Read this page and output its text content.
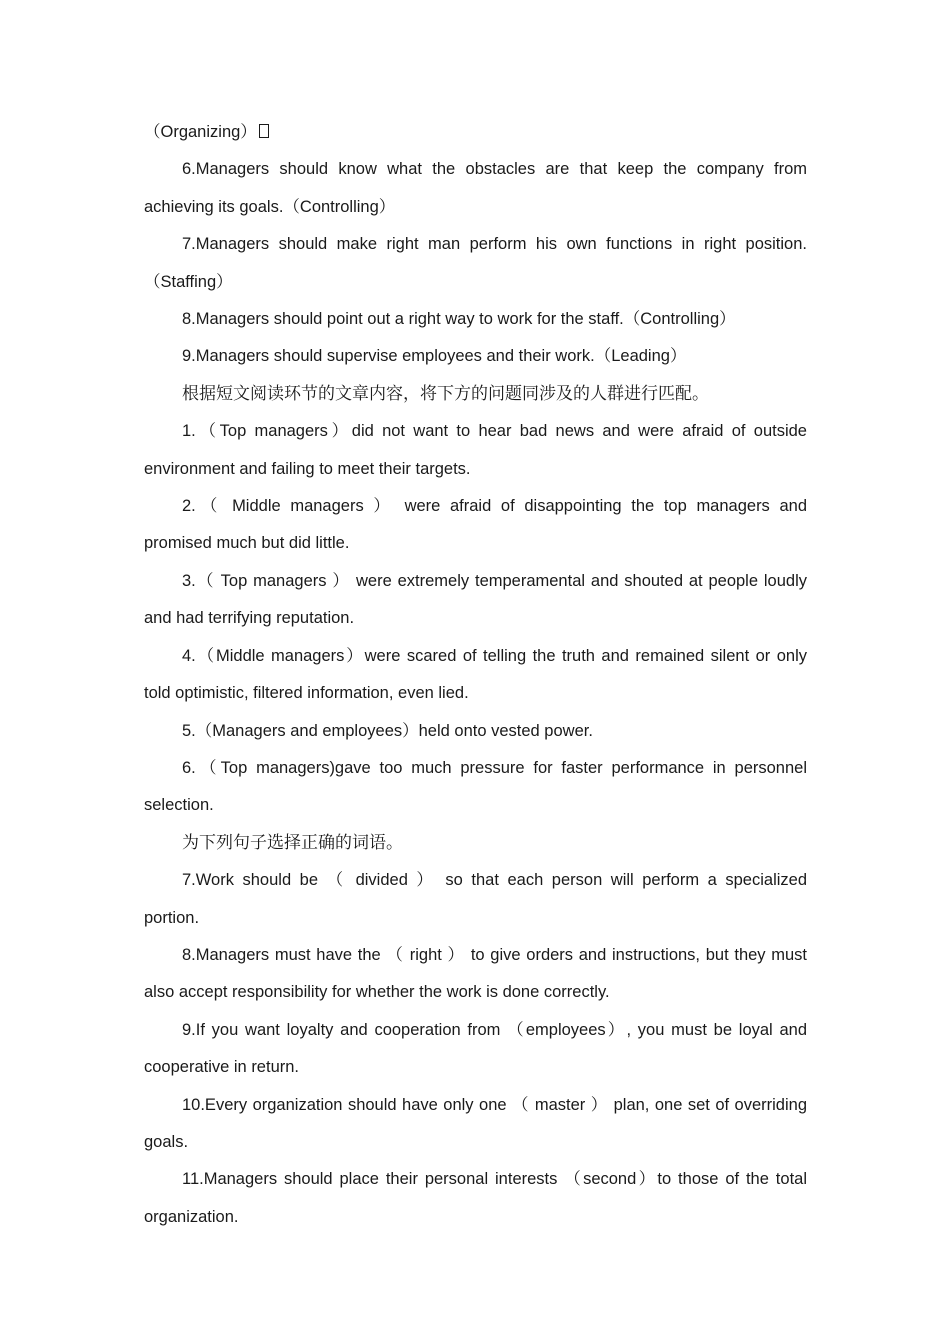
（Organizing）

6.Managers should know what the obstacles are that keep the company from achieving its goals.（Controlling）

7.Managers should make right man perform his own functions in right position.（Staffing）

8.Managers should point out a right way to work for the staff.（Controlling）

9.Managers should supervise employees and their work.（Leading）

根据短文阅读环节的文章内容，将下方的问题同涉及的人群进行匹配。

1.（Top managers）did not want to hear bad news and were afraid of outside environment and failing to meet their targets.

2.（ Middle managers ） were afraid of disappointing the top managers and promised much but did little.

3.（ Top managers ） were extremely temperamental and shouted at people loudly and had terrifying reputation.

4.（Middle managers）were scared of telling the truth and remained silent or only told optimistic, filtered information, even lied.

5.（Managers and employees）held onto vested power.

6.（Top managers)gave too much pressure for faster performance in personnel selection.

为下列句子选择正确的词语。

7.Work should be （ divided ） so that each person will perform a specialized portion.

8.Managers must have the （ right ） to give orders and instructions, but they must also accept responsibility for whether the work is done correctly.

9.If you want loyalty and cooperation from （employees）, you must be loyal and cooperative in return.

10.Every organization should have only one （ master ） plan, one set of overriding goals.

11.Managers should place their personal interests （second）to those of the total organization.
